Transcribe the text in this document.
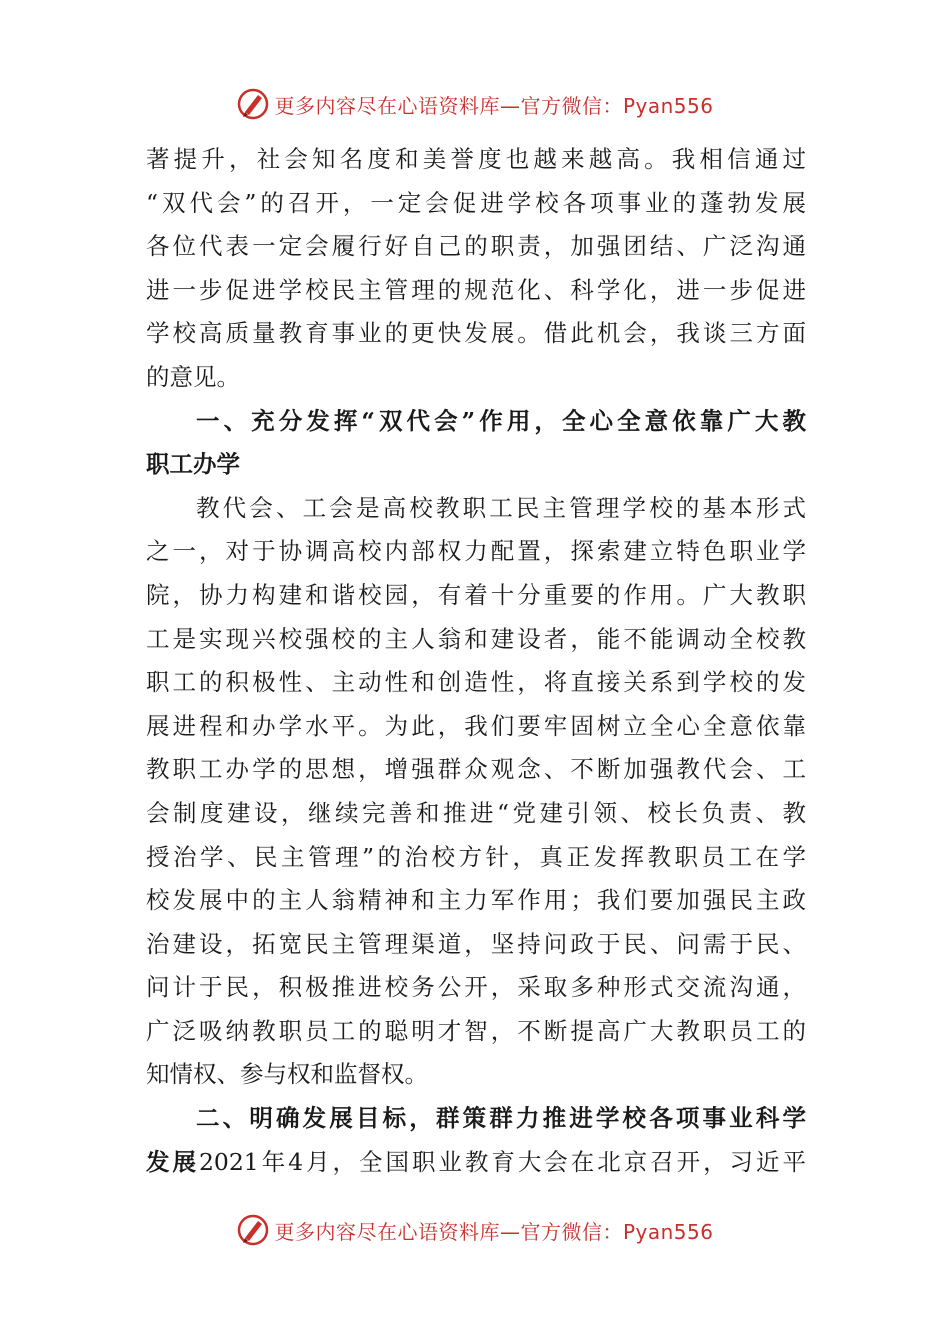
更多内容尽在心语资料库—官方微信：Pyan556
著提升，社会知名度和美誉度也越来越高。我相信通过
“双代会”的召开，一定会促进学校各项事业的蓬勃发展
各位代表一定会履行好自己的职责，加强团结、广泛沟通
进一步促进学校民主管理的规范化、科学化，进一步促进
学校高质量教育事业的更快发展。借此机会，我谈三方面
的意见。
一、充分发挥“双代会”作用，全心全意依靠广大教
职工办学
教代会、工会是高校教职工民主管理学校的基本形式
之一，对于协调高校内部权力配置，探索建立特色职业学
院，协力构建和谐校园，有着十分重要的作用。广大教职
工是实现兴校强校的主人翁和建设者，能不能调动全校教
职工的积极性、主动性和创造性，将直接关系到学校的发
展进程和办学水平。为此，我们要牢固树立全心全意依靠
教职工办学的思想，增强群众观念、不断加强教代会、工
会制度建设，继续完善和推进“党建引领、校长负责、教
授治学、民主管理”的治校方针，真正发挥教职员工在学
校发展中的主人翁精神和主力军作用；我们要加强民主政
治建设，拓宽民主管理渠道，坚持问政于民、问需于民、
问计于民，积极推进校务公开，采取多种形式交流沟通，
广泛吸纳教职员工的聪明才智，不断提高广大教职员工的
知情权、参与权和监督权。
二、明确发展目标，群策群力推进学校各项事业科学
发展2021年4月，全国职业教育大会在北京召开，习近平
更多内容尽在心语资料库—官方微信：Pyan556
